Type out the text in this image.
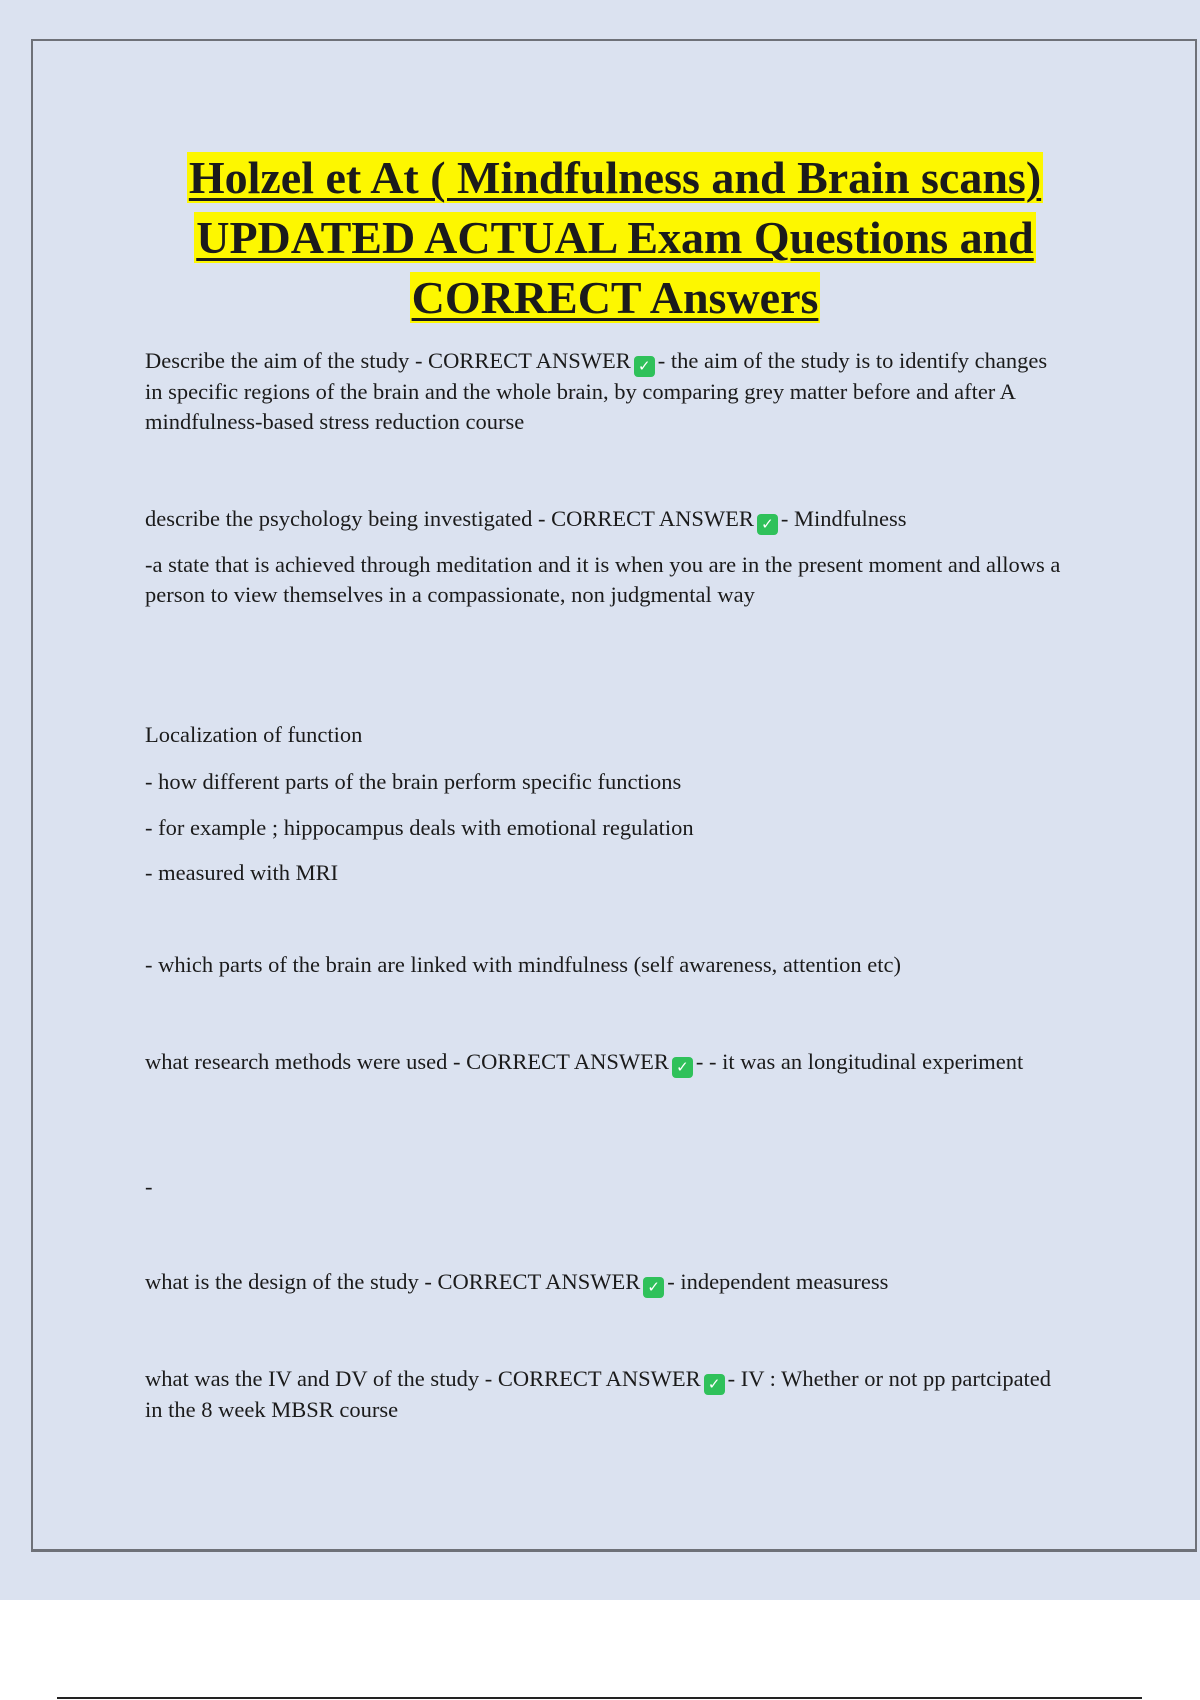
Holzel et At ( Mindfulness and Brain scans)
UPDATED ACTUAL Exam Questions and
CORRECT Answers

Describe the aim of the study - CORRECT ANSWER ✓ - the aim of the study is to identify changes in specific regions of the brain and the whole brain, by comparing grey matter before and after A mindfulness-based stress reduction course

describe the psychology being investigated - CORRECT ANSWER ✓ - Mindfulness

-a state that is achieved through meditation and it is when you are in the present moment and allows a person to view themselves in a compassionate, non judgmental way

Localization of function

- how different parts of the brain perform specific functions

- for example ; hippocampus deals with emotional regulation

- measured with MRI

- which parts of the brain are linked with mindfulness (self awareness, attention etc)

what research methods were used - CORRECT ANSWER ✓ - - it was an longitudinal experiment

-

what is the design of the study - CORRECT ANSWER ✓ - independent measuress

what was the IV and DV of the study - CORRECT ANSWER ✓ - IV : Whether or not pp partcipated in the 8 week MBSR course
